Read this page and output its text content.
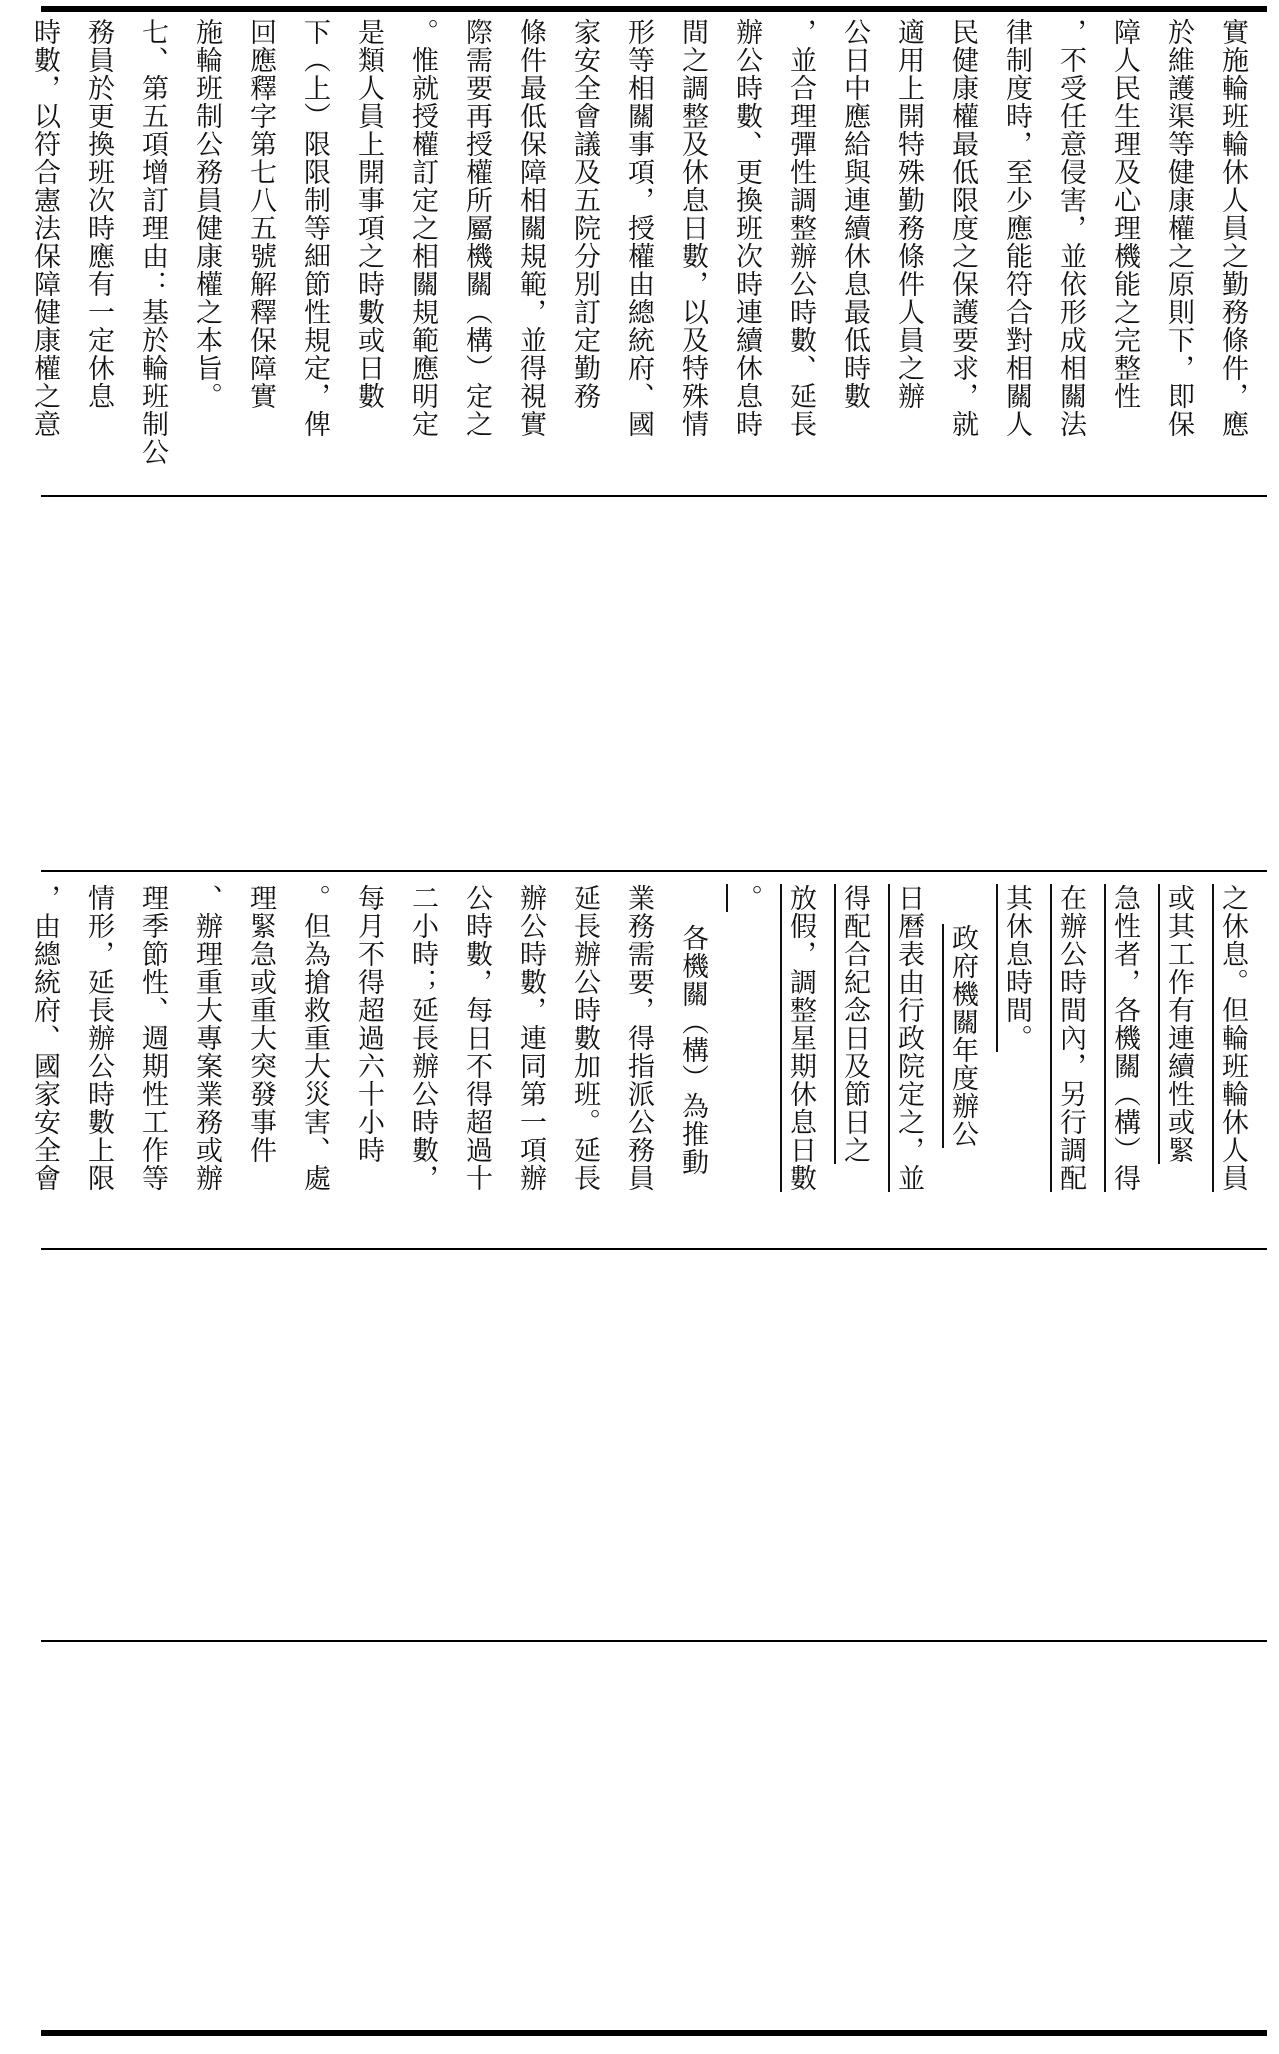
實施輪班輪休人員之勤務條件，應
於維護渠等健康權之原則下，即保
障人民生理及心理機能之完整性
，不受任意侵害，並依形成相關法
律制度時，至少應能符合對相關人
民健康權最低限度之保護要求，就
適用上開特殊勤務條件人員之辦
公日中應給與連續休息最低時數
，並合理彈性調整辦公時數、延長
辦公時數、更換班次時連續休息時
間之調整及休息日數，以及特殊情
形等相關事項，授權由總統府、國
家安全會議及五院分別訂定勤務
條件最低保障相關規範，並得視實
際需要再授權所屬機關（構）定之
。惟就授權訂定之相關規範應明定
是類人員上開事項之時數或日數
下（上）限限制等細節性規定，俾
回應釋字第七八五號解釋保障實
施輪班制公務員健康權之本旨。
七、第五項增訂理由：基於輪班制公
務員於更換班次時應有一定休息
時數，以符合憲法保障健康權之意
之休息。但輪班輪休人員
或其工作有連續性或緊
急性者，各機關（構）得
在辦公時間內，另行調配
其休息時間。
政府機關年度辦公
日曆表由行政院定之，並
得配合紀念日及節日之
放假，調整星期休息日數
。
各機關（構）為推動
業務需要，得指派公務員
延長辦公時數加班。延長
辦公時數，連同第一項辦
公時數，每日不得超過十
二小時；延長辦公時數，
每月不得超過六十小時
。但為搶救重大災害、處
理緊急或重大突發事件
、辦理重大專案業務或辦
理季節性、週期性工作等
情形，延長辦公時數上限
，由總統府、國家安全會
